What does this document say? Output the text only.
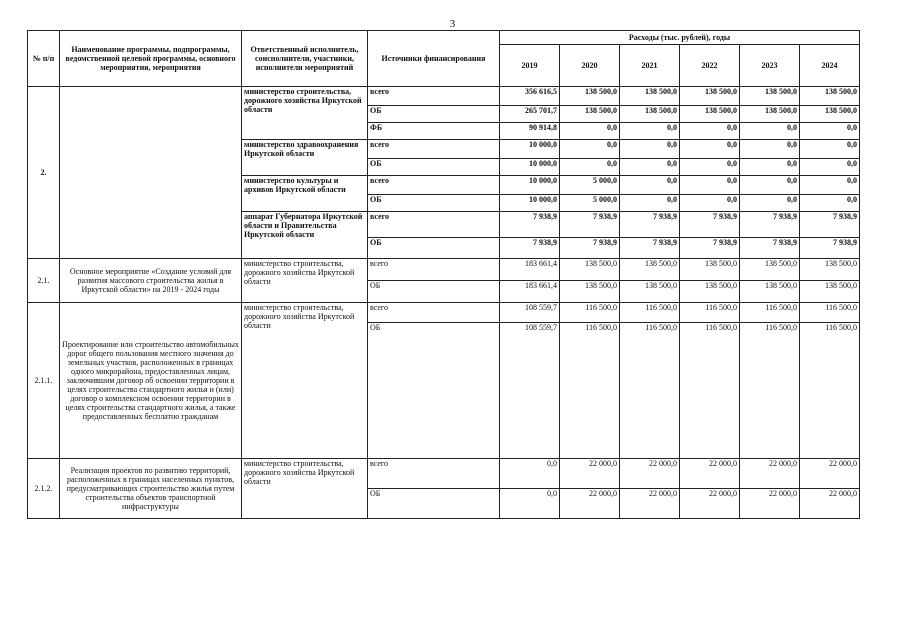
3
№ п/п	Наименование программы, подпрограммы, ведомственной целевой программы, основного мероприятия, мероприятия	Ответственный исполнитель, соисполнители, участники, исполнители мероприятий	Источники финансирования	Расходы (тыс. рублей), годы					
				2019	2020	2021	2022	2023	2024
2.		министерство строительства, дорожного хозяйства Иркутской области	всего	356 616,5	138 500,0	138 500,0	138 500,0	138 500,0	138 500,0
			ОБ	265 701,7	138 500,0	138 500,0	138 500,0	138 500,0	138 500,0
			ФБ	90 914,8	0,0	0,0	0,0	0,0	0,0
		министерство здравоохранения Иркутской области	всего	10 000,0	0,0	0,0	0,0	0,0	0,0
			ОБ	10 000,0	0,0	0,0	0,0	0,0	0,0
		министерство культуры и архивов Иркутской области	всего	10 000,0	5 000,0	0,0	0,0	0,0	0,0
			ОБ	10 000,0	5 000,0	0,0	0,0	0,0	0,0
		аппарат Губернатора Иркутской области и Правительства Иркутской области	всего	7 938,9	7 938,9	7 938,9	7 938,9	7 938,9	7 938,9
			ОБ	7 938,9	7 938,9	7 938,9	7 938,9	7 938,9	7 938,9
2.1.	Основное мероприятие «Создание условий для развития массового строительства жилья в Иркутской области» на 2019 - 2024 годы	министерство строительства, дорожного хозяйства Иркутской области	всего	183 661,4	138 500,0	138 500,0	138 500,0	138 500,0	138 500,0
			ОБ	183 661,4	138 500,0	138 500,0	138 500,0	138 500,0	138 500,0
2.1.1.	Проектирование или строительство автомобильных дорог общего пользования местного значения до земельных участков, расположенных в границах одного микрорайона, предоставленных лицам, заключившим договор об освоении территории в целях строительства стандартного жилья и (или) договор о комплексном освоении территории в целях строительства стандартного жилья, а также предоставленных бесплатно гражданам	министерство строительства, дорожного хозяйства Иркутской области	всего	108 559,7	116 500,0	116 500,0	116 500,0	116 500,0	116 500,0
			ОБ	108 559,7	116 500,0	116 500,0	116 500,0	116 500,0	116 500,0
2.1.2.	Реализация проектов по развитию территорий, расположенных в границах населенных пунктов, предусматривающих строительство жилья путем строительства объектов транспортной инфраструктуры	министерство строительства, дорожного хозяйства Иркутской области	всего	0,0	22 000,0	22 000,0	22 000,0	22 000,0	22 000,0
			ОБ	0,0	22 000,0	22 000,0	22 000,0	22 000,0	22 000,0
